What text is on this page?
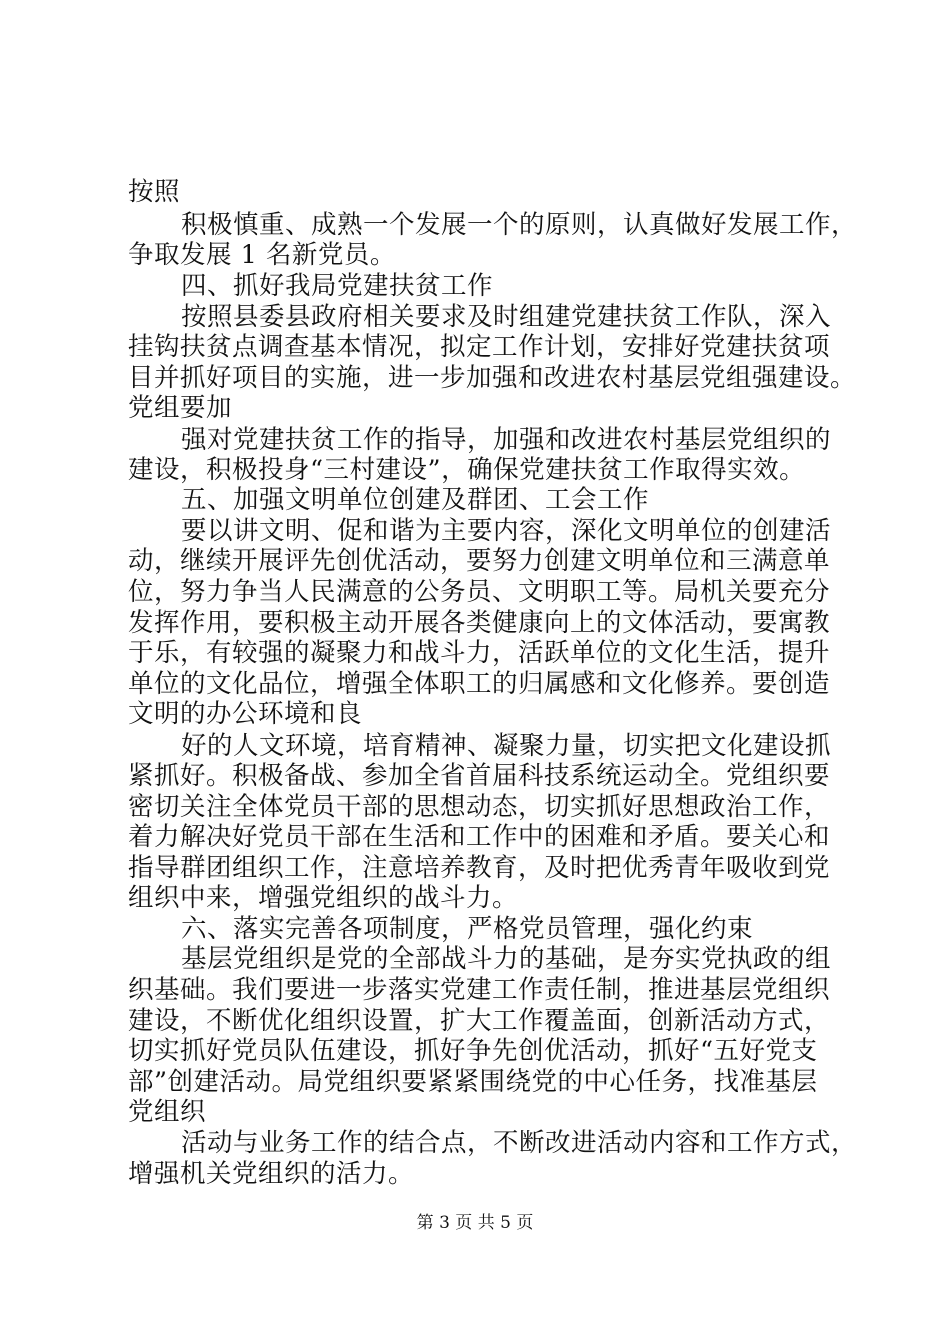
按照
积极慎重、成熟一个发展一个的原则，认真做好发展工作，
争取发展 1 名新党员。
四、抓好我局党建扶贫工作
按照县委县政府相关要求及时组建党建扶贫工作队，深入
挂钩扶贫点调查基本情况，拟定工作计划，安排好党建扶贫项
目并抓好项目的实施，进一步加强和改进农村基层党组强建设。
党组要加
强对党建扶贫工作的指导，加强和改进农村基层党组织的
建设，积极投身“三村建设”，确保党建扶贫工作取得实效。
五、加强文明单位创建及群团、工会工作
要以讲文明、促和谐为主要内容，深化文明单位的创建活
动，继续开展评先创优活动，要努力创建文明单位和三满意单
位，努力争当人民满意的公务员、文明职工等。局机关要充分
发挥作用，要积极主动开展各类健康向上的文体活动，要寓教
于乐，有较强的凝聚力和战斗力，活跃单位的文化生活，提升
单位的文化品位，增强全体职工的归属感和文化修养。要创造
文明的办公环境和良
好的人文环境，培育精神、凝聚力量，切实把文化建设抓
紧抓好。积极备战、参加全省首届科技系统运动全。党组织要
密切关注全体党员干部的思想动态，切实抓好思想政治工作，
着力解决好党员干部在生活和工作中的困难和矛盾。要关心和
指导群团组织工作，注意培养教育，及时把优秀青年吸收到党
组织中来，增强党组织的战斗力。
六、落实完善各项制度，严格党员管理，强化约束
基层党组织是党的全部战斗力的基础，是夯实党执政的组
织基础。我们要进一步落实党建工作责任制，推进基层党组织
建设，不断优化组织设置，扩大工作覆盖面，创新活动方式，
切实抓好党员队伍建设，抓好争先创优活动，抓好“五好党支
部”创建活动。局党组织要紧紧围绕党的中心任务，找准基层
党组织
活动与业务工作的结合点，不断改进活动内容和工作方式，
增强机关党组织的活力。
第 3 页 共 5 页
